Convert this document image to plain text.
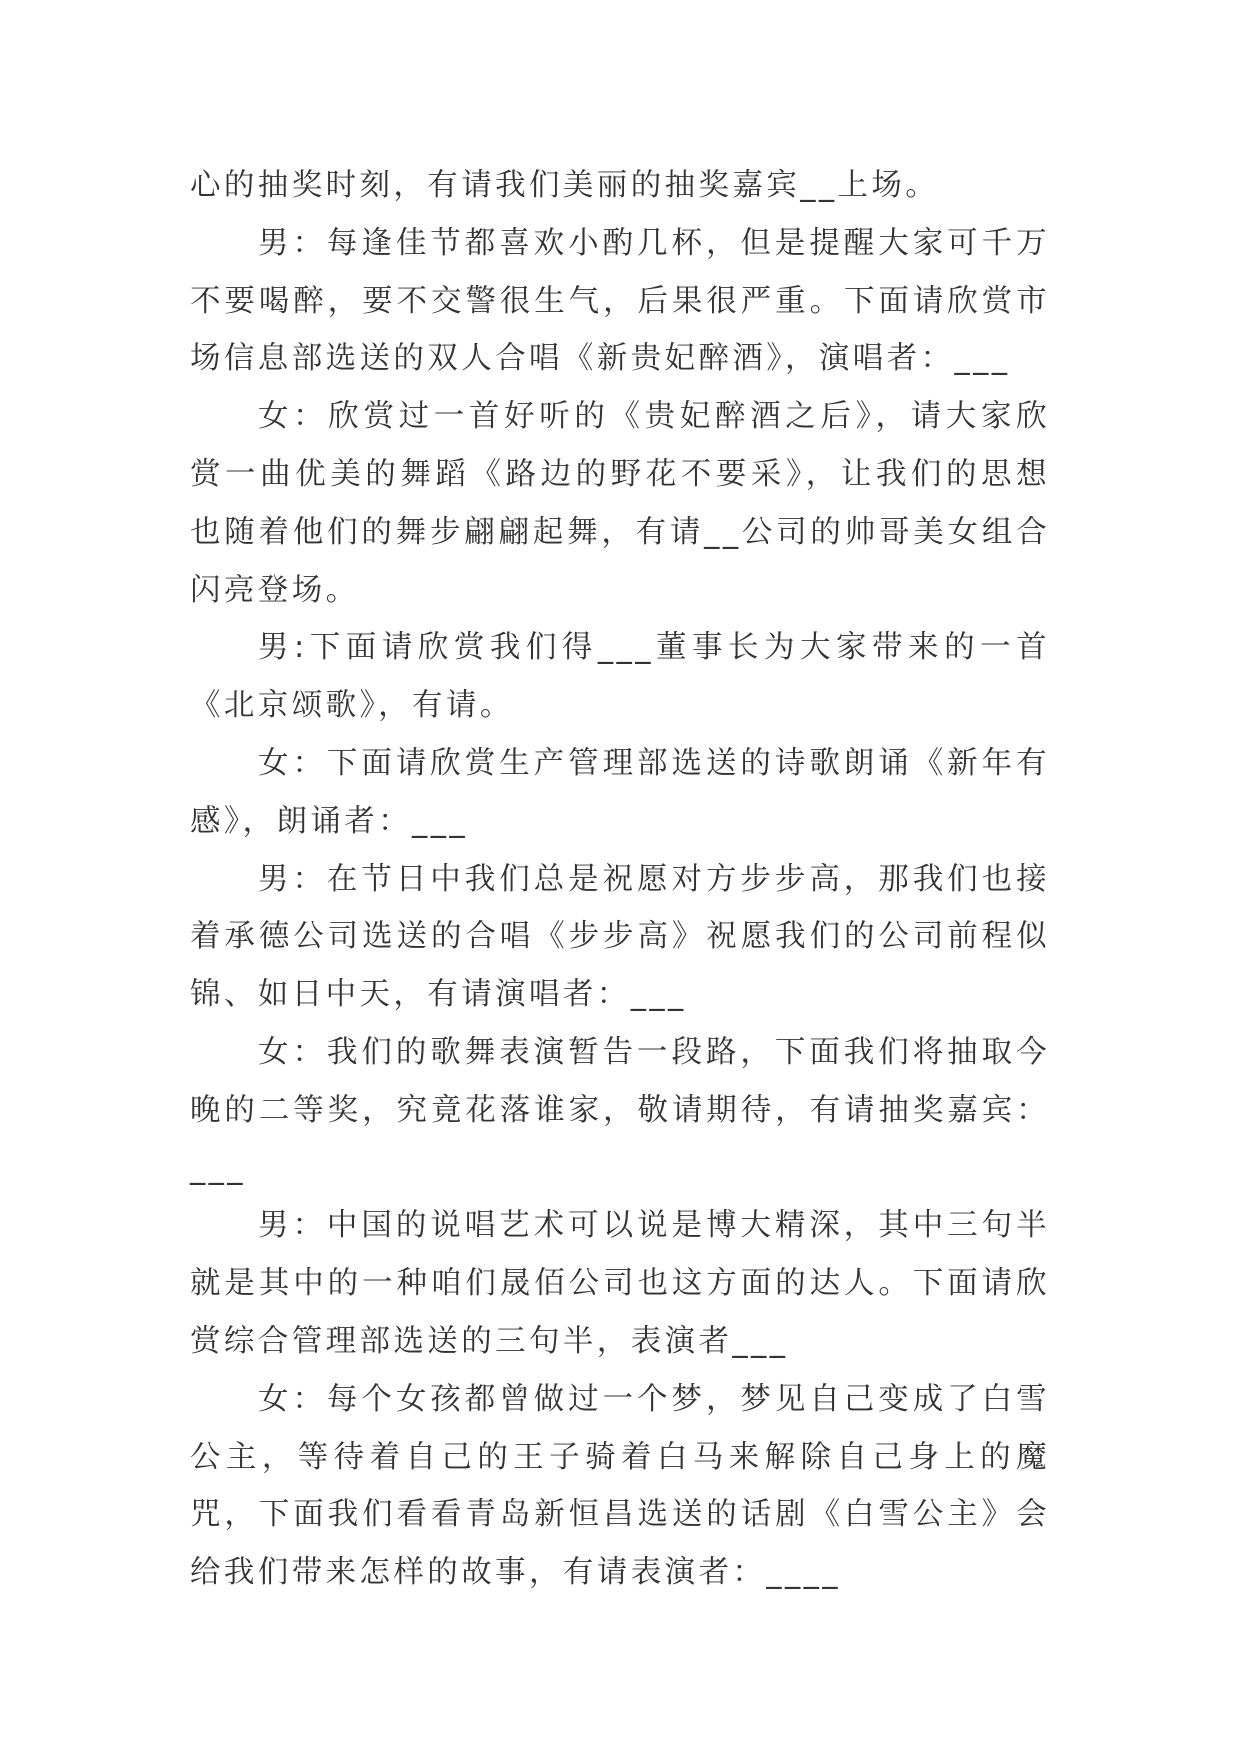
心的抽奖时刻，有请我们美丽的抽奖嘉宾__上场。

男：每逢佳节都喜欢小酌几杯，但是提醒大家可千万不要喝醉，要不交警很生气，后果很严重。下面请欣赏市场信息部选送的双人合唱《新贵妃醉酒》，演唱者：___

女：欣赏过一首好听的《贵妃醉酒之后》，请大家欣赏一曲优美的舞蹈《路边的野花不要采》，让我们的思想也随着他们的舞步翩翩起舞，有请__公司的帅哥美女组合闪亮登场。

男:下面请欣赏我们得___董事长为大家带来的一首《北京颂歌》，有请。

女：下面请欣赏生产管理部选送的诗歌朗诵《新年有感》，朗诵者：___

男：在节日中我们总是祝愿对方步步高，那我们也接着承德公司选送的合唱《步步高》祝愿我们的公司前程似锦、如日中天，有请演唱者：___

女：我们的歌舞表演暂告一段路，下面我们将抽取今晚的二等奖，究竟花落谁家，敬请期待，有请抽奖嘉宾：___

男：中国的说唱艺术可以说是博大精深，其中三句半就是其中的一种咱们晟佰公司也这方面的达人。下面请欣赏综合管理部选送的三句半，表演者___

女：每个女孩都曾做过一个梦，梦见自己变成了白雪公主，等待着自己的王子骑着白马来解除自己身上的魔咒，下面我们看看青岛新恒昌选送的话剧《白雪公主》会给我们带来怎样的故事，有请表演者：____
